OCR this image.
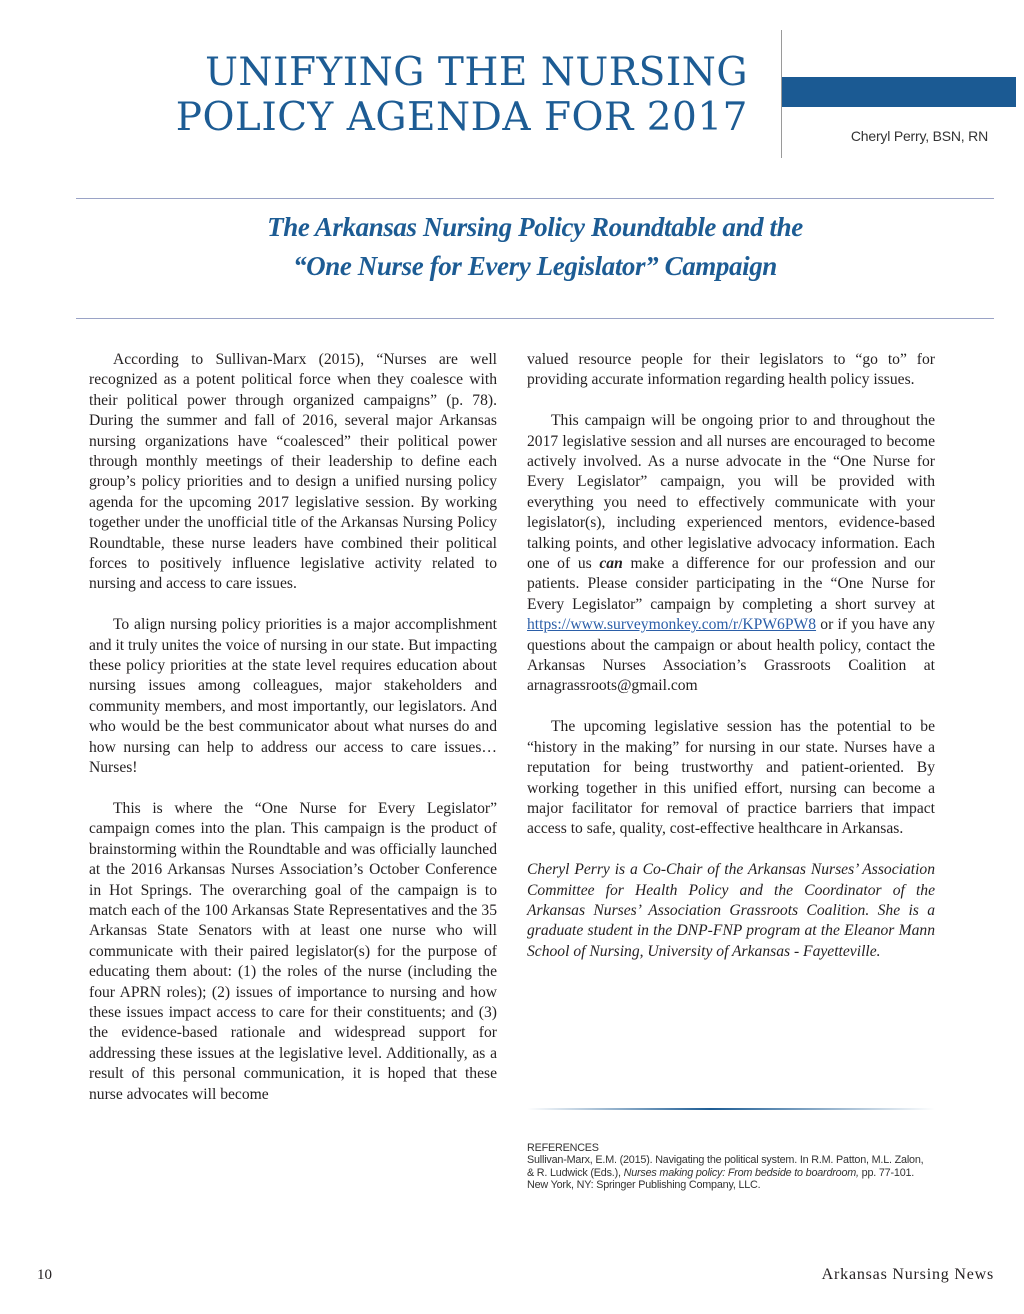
UNIFYING THE NURSING
POLICY AGENDA FOR 2017	Cheryl Perry, BSN, RN
The Arkansas Nursing Policy Roundtable and the
“One Nurse for Every Legislator” Campaign

According to Sullivan-Marx (2015), “Nurses are well recognized as a potent political force when they coalesce with their political power through organized campaigns” (p. 78). During the summer and fall of 2016, several major Arkansas nursing organizations have “coalesced” their political power through monthly meetings of their leadership to define each group’s policy priorities and to design a unified nursing policy agenda for the upcoming 2017 legislative session. By working together under the unofficial title of the Arkansas Nursing Policy Roundtable, these nurse leaders have combined their political forces to positively influence legislative activity related to nursing and access to care issues.

To align nursing policy priorities is a major accomplishment and it truly unites the voice of nursing in our state. But impacting these policy priorities at the state level requires education about nursing issues among colleagues, major stakeholders and community members, and most importantly, our legislators. And who would be the best communicator about what nurses do and how nursing can help to address our access to care issues…Nurses!

This is where the “One Nurse for Every Legislator” campaign comes into the plan. This campaign is the product of brainstorming within the Roundtable and was officially launched at the 2016 Arkansas Nurses Association’s October Conference in Hot Springs. The overarching goal of the campaign is to match each of the 100 Arkansas State Representatives and the 35 Arkansas State Senators with at least one nurse who will communicate with their paired legislator(s) for the purpose of educating them about: (1) the roles of the nurse (including the four APRN roles); (2) issues of importance to nursing and how these issues impact access to care for their constituents; and (3) the evidence-based rationale and widespread support for addressing these issues at the legislative level. Additionally, as a result of this personal communication, it is hoped that these nurse advocates will become

valued resource people for their legislators to “go to” for providing accurate information regarding health policy issues.

This campaign will be ongoing prior to and throughout the 2017 legislative session and all nurses are encouraged to become actively involved. As a nurse advocate in the “One Nurse for Every Legislator” campaign, you will be provided with everything you need to effectively communicate with your legislator(s), including experienced mentors, evidence-based talking points, and other legislative advocacy information. Each one of us can make a difference for our profession and our patients. Please consider participating in the “One Nurse for Every Legislator” campaign by completing a short survey at https://www.surveymonkey.com/r/KPW6PW8 or if you have any questions about the campaign or about health policy, contact the Arkansas Nurses Association’s Grassroots Coalition at arnagrassroots@gmail.com

The upcoming legislative session has the potential to be “history in the making” for nursing in our state. Nurses have a reputation for being trustworthy and patient-oriented. By working together in this unified effort, nursing can become a major facilitator for removal of practice barriers that impact access to safe, quality, cost-effective healthcare in Arkansas.

Cheryl Perry is a Co-Chair of the Arkansas Nurses’ Association Committee for Health Policy and the Coordinator of the Arkansas Nurses’ Association Grassroots Coalition. She is a graduate student in the DNP-FNP program at the Eleanor Mann School of Nursing, University of Arkansas - Fayetteville.

REFERENCES
Sullivan-Marx, E.M. (2015). Navigating the political system. In R.M. Patton, M.L. Zalon,
& R. Ludwick (Eds.), Nurses making policy: From bedside to boardroom, pp. 77-101.
New York, NY: Springer Publishing Company, LLC.
10	Arkansas Nursing News
